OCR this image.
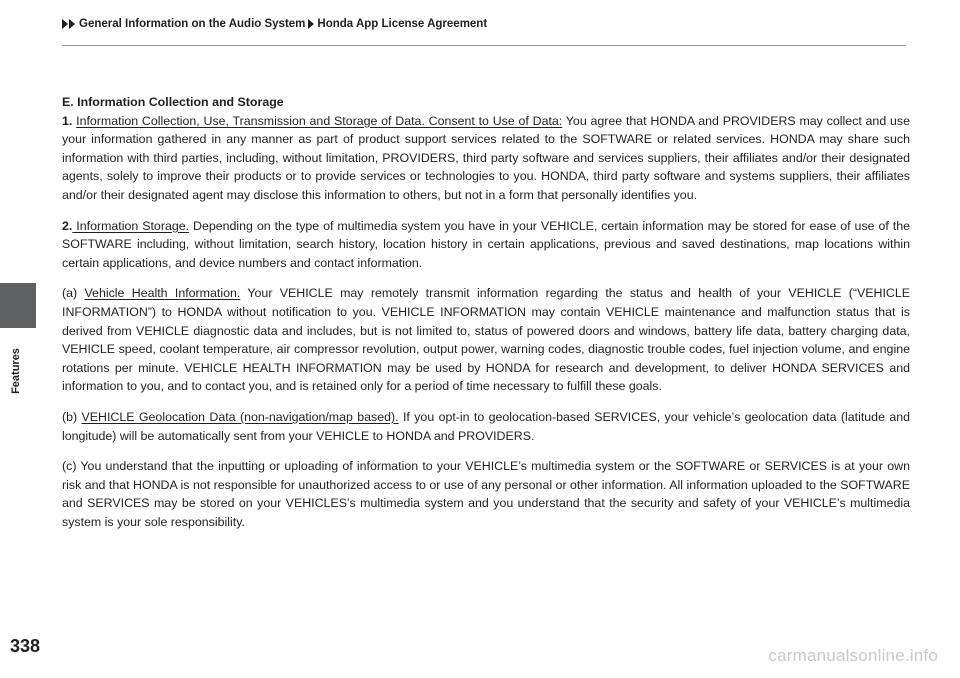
General Information on the Audio System Honda App License Agreement
Features

E. Information Collection and Storage

1. Information Collection, Use, Transmission and Storage of Data. Consent to Use of Data: You agree that HONDA and PROVIDERS may collect and use your information gathered in any manner as part of product support services related to the SOFTWARE or related services. HONDA may share such information with third parties, including, without limitation, PROVIDERS, third party software and services suppliers, their affiliates and/or their designated agents, solely to improve their products or to provide services or technologies to you. HONDA, third party software and systems suppliers, their affiliates and/or their designated agent may disclose this information to others, but not in a form that personally identifies you.

2. Information Storage. Depending on the type of multimedia system you have in your VEHICLE, certain information may be stored for ease of use of the SOFTWARE including, without limitation, search history, location history in certain applications, previous and saved destinations, map locations within certain applications, and device numbers and contact information.

(a) Vehicle Health Information. Your VEHICLE may remotely transmit information regarding the status and health of your VEHICLE (“VEHICLE INFORMATION”) to HONDA without notification to you. VEHICLE INFORMATION may contain VEHICLE maintenance and malfunction status that is derived from VEHICLE diagnostic data and includes, but is not limited to, status of powered doors and windows, battery life data, battery charging data, VEHICLE speed, coolant temperature, air compressor revolution, output power, warning codes, diagnostic trouble codes, fuel injection volume, and engine rotations per minute. VEHICLE HEALTH INFORMATION may be used by HONDA for research and development, to deliver HONDA SERVICES and information to you, and to contact you, and is retained only for a period of time necessary to fulfill these goals.

(b) VEHICLE Geolocation Data (non-navigation/map based). If you opt-in to geolocation-based SERVICES, your vehicle’s geolocation data (latitude and longitude) will be automatically sent from your VEHICLE to HONDA and PROVIDERS.

(c) You understand that the inputting or uploading of information to your VEHICLE’s multimedia system or the SOFTWARE or SERVICES is at your own risk and that HONDA is not responsible for unauthorized access to or use of any personal or other information. All information uploaded to the SOFTWARE and SERVICES may be stored on your VEHICLES’s multimedia system and you understand that the security and safety of your VEHICLE’s multimedia system is your sole responsibility.

338	carmanualsonline.info
